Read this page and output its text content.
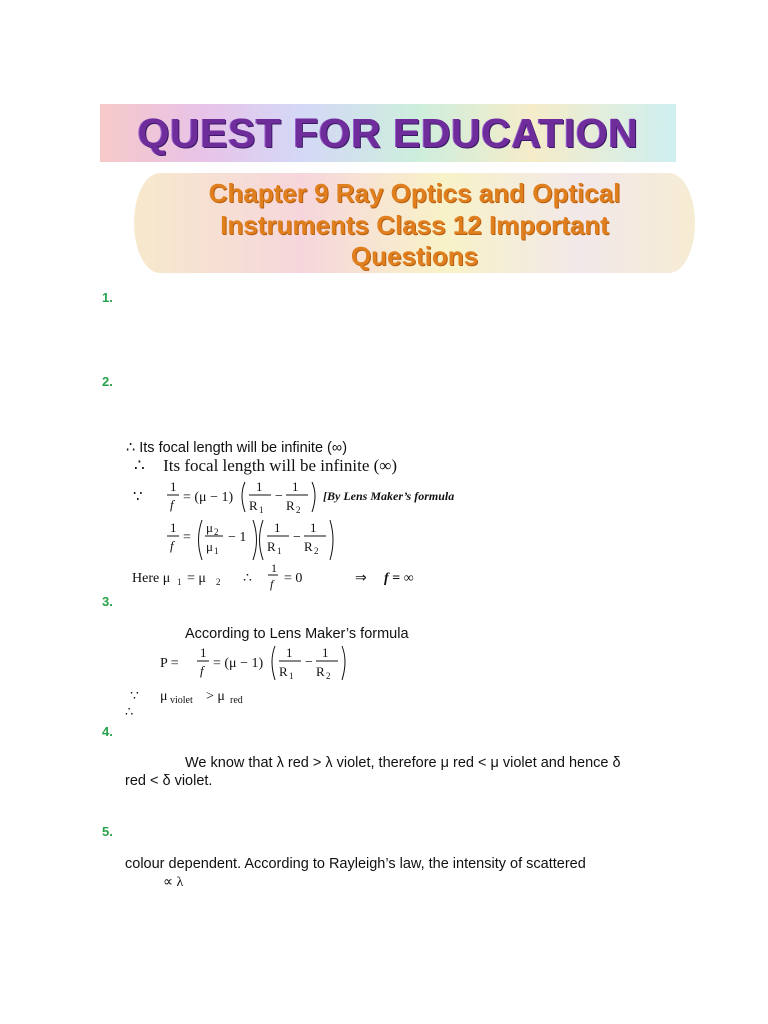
QUEST FOR EDUCATION
Chapter 9 Ray Optics and Optical
Instruments Class 12 Important
Questions
1.
2.
∴ Its focal length will be infinite (∞)
∴ Its focal length will be infinite (∞)
∵
1
f = (μ − 1)
1
R 1
−
1
R 2
[By Lens Maker’s formula
1
f
=
μ 2
μ 1
− 1
1
R 1
−
1
R 2
Here μ 1 = μ 2 ∴
1
f = 0	⇒ f = ∞
3.
According to Lens Maker’s formula
P =
1
f = (μ − 1)
1
R 1
−
1
R 2
∵ μ violet > μ red
∴
4.
We know that λ red > λ violet, therefore μ red < μ violet and hence δ
red < δ violet.
5.
colour dependent. According to Rayleigh’s law, the intensity of scattered
∝ λ
